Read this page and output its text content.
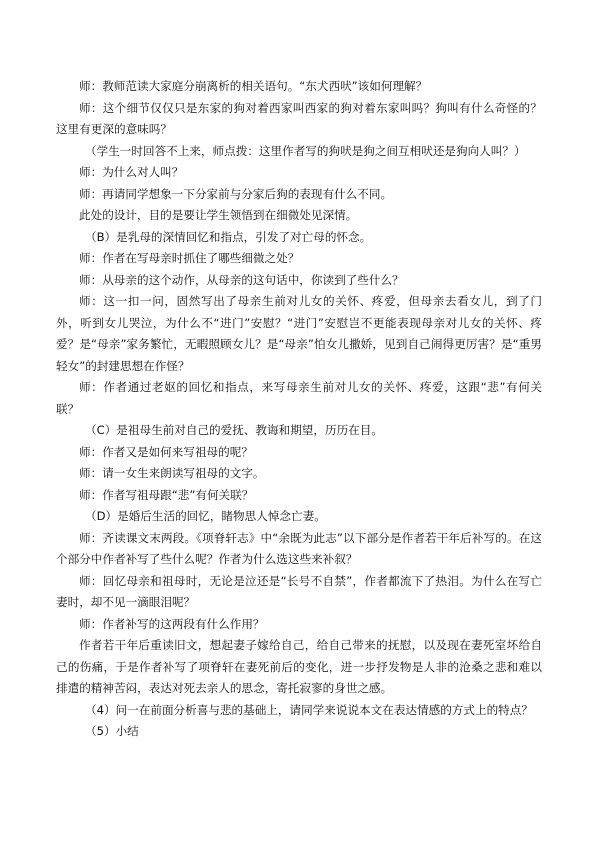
师：教师范读大家庭分崩离析的相关语句。“东犬西吠”该如何理解？

师：这个细节仅仅只是东家的狗对着西家叫西家的狗对着东家叫吗？狗叫有什么奇怪的？这里有更深的意味吗？

（学生一时回答不上来，师点拨：这里作者写的狗吠是狗之间互相吠还是狗向人叫？）

师：为什么对人叫？

师：再请同学想象一下分家前与分家后狗的表现有什么不同。

此处的设计，目的是要让学生领悟到在细微处见深情。

（B）是乳母的深情回忆和指点，引发了对亡母的怀念。

师：作者在写母亲时抓住了哪些细微之处？

师：从母亲的这个动作，从母亲的这句话中，你读到了些什么？

师：这一扣一问，固然写出了母亲生前对儿女的关怀、疼爱，但母亲去看女儿，到了门外，听到女儿哭泣，为什么不“进门”安慰？“进门”安慰岂不更能表现母亲对儿女的关怀、疼爱？是“母亲”家务繁忙，无暇照顾女儿？是“母亲”怕女儿撒娇，见到自己闹得更厉害？是“重男轻女”的封建思想在作怪？

师：作者通过老妪的回忆和指点，来写母亲生前对儿女的关怀、疼爱，这跟“悲”有何关联？

（C）是祖母生前对自己的爱抚、教诲和期望，历历在目。

师：作者又是如何来写祖母的呢？

师：请一女生来朗读写祖母的文字。

师：作者写祖母跟“悲”有何关联？

（D）是婚后生活的回忆，睹物思人悼念亡妻。

师：齐读课文末两段。《项脊轩志》中“余既为此志”以下部分是作者若干年后补写的。在这个部分中作者补写了些什么呢？作者为什么选这些来补叙？

师：回忆母亲和祖母时，无论是泣还是“长号不自禁”，作者都流下了热泪。为什么在写亡妻时，却不见一滴眼泪呢？

师：作者补写的这两段有什么作用？

作者若干年后重读旧文，想起妻子嫁给自己，给自己带来的抚慰，以及现在妻死室坏给自己的伤痛，于是作者补写了项脊轩在妻死前后的变化，进一步抒发物是人非的沧桑之悲和难以排遣的精神苦闷，表达对死去亲人的思念，寄托寂寥的身世之感。

（4）问一在前面分析喜与悲的基础上，请同学来说说本文在表达情感的方式上的特点？

（5）小结
